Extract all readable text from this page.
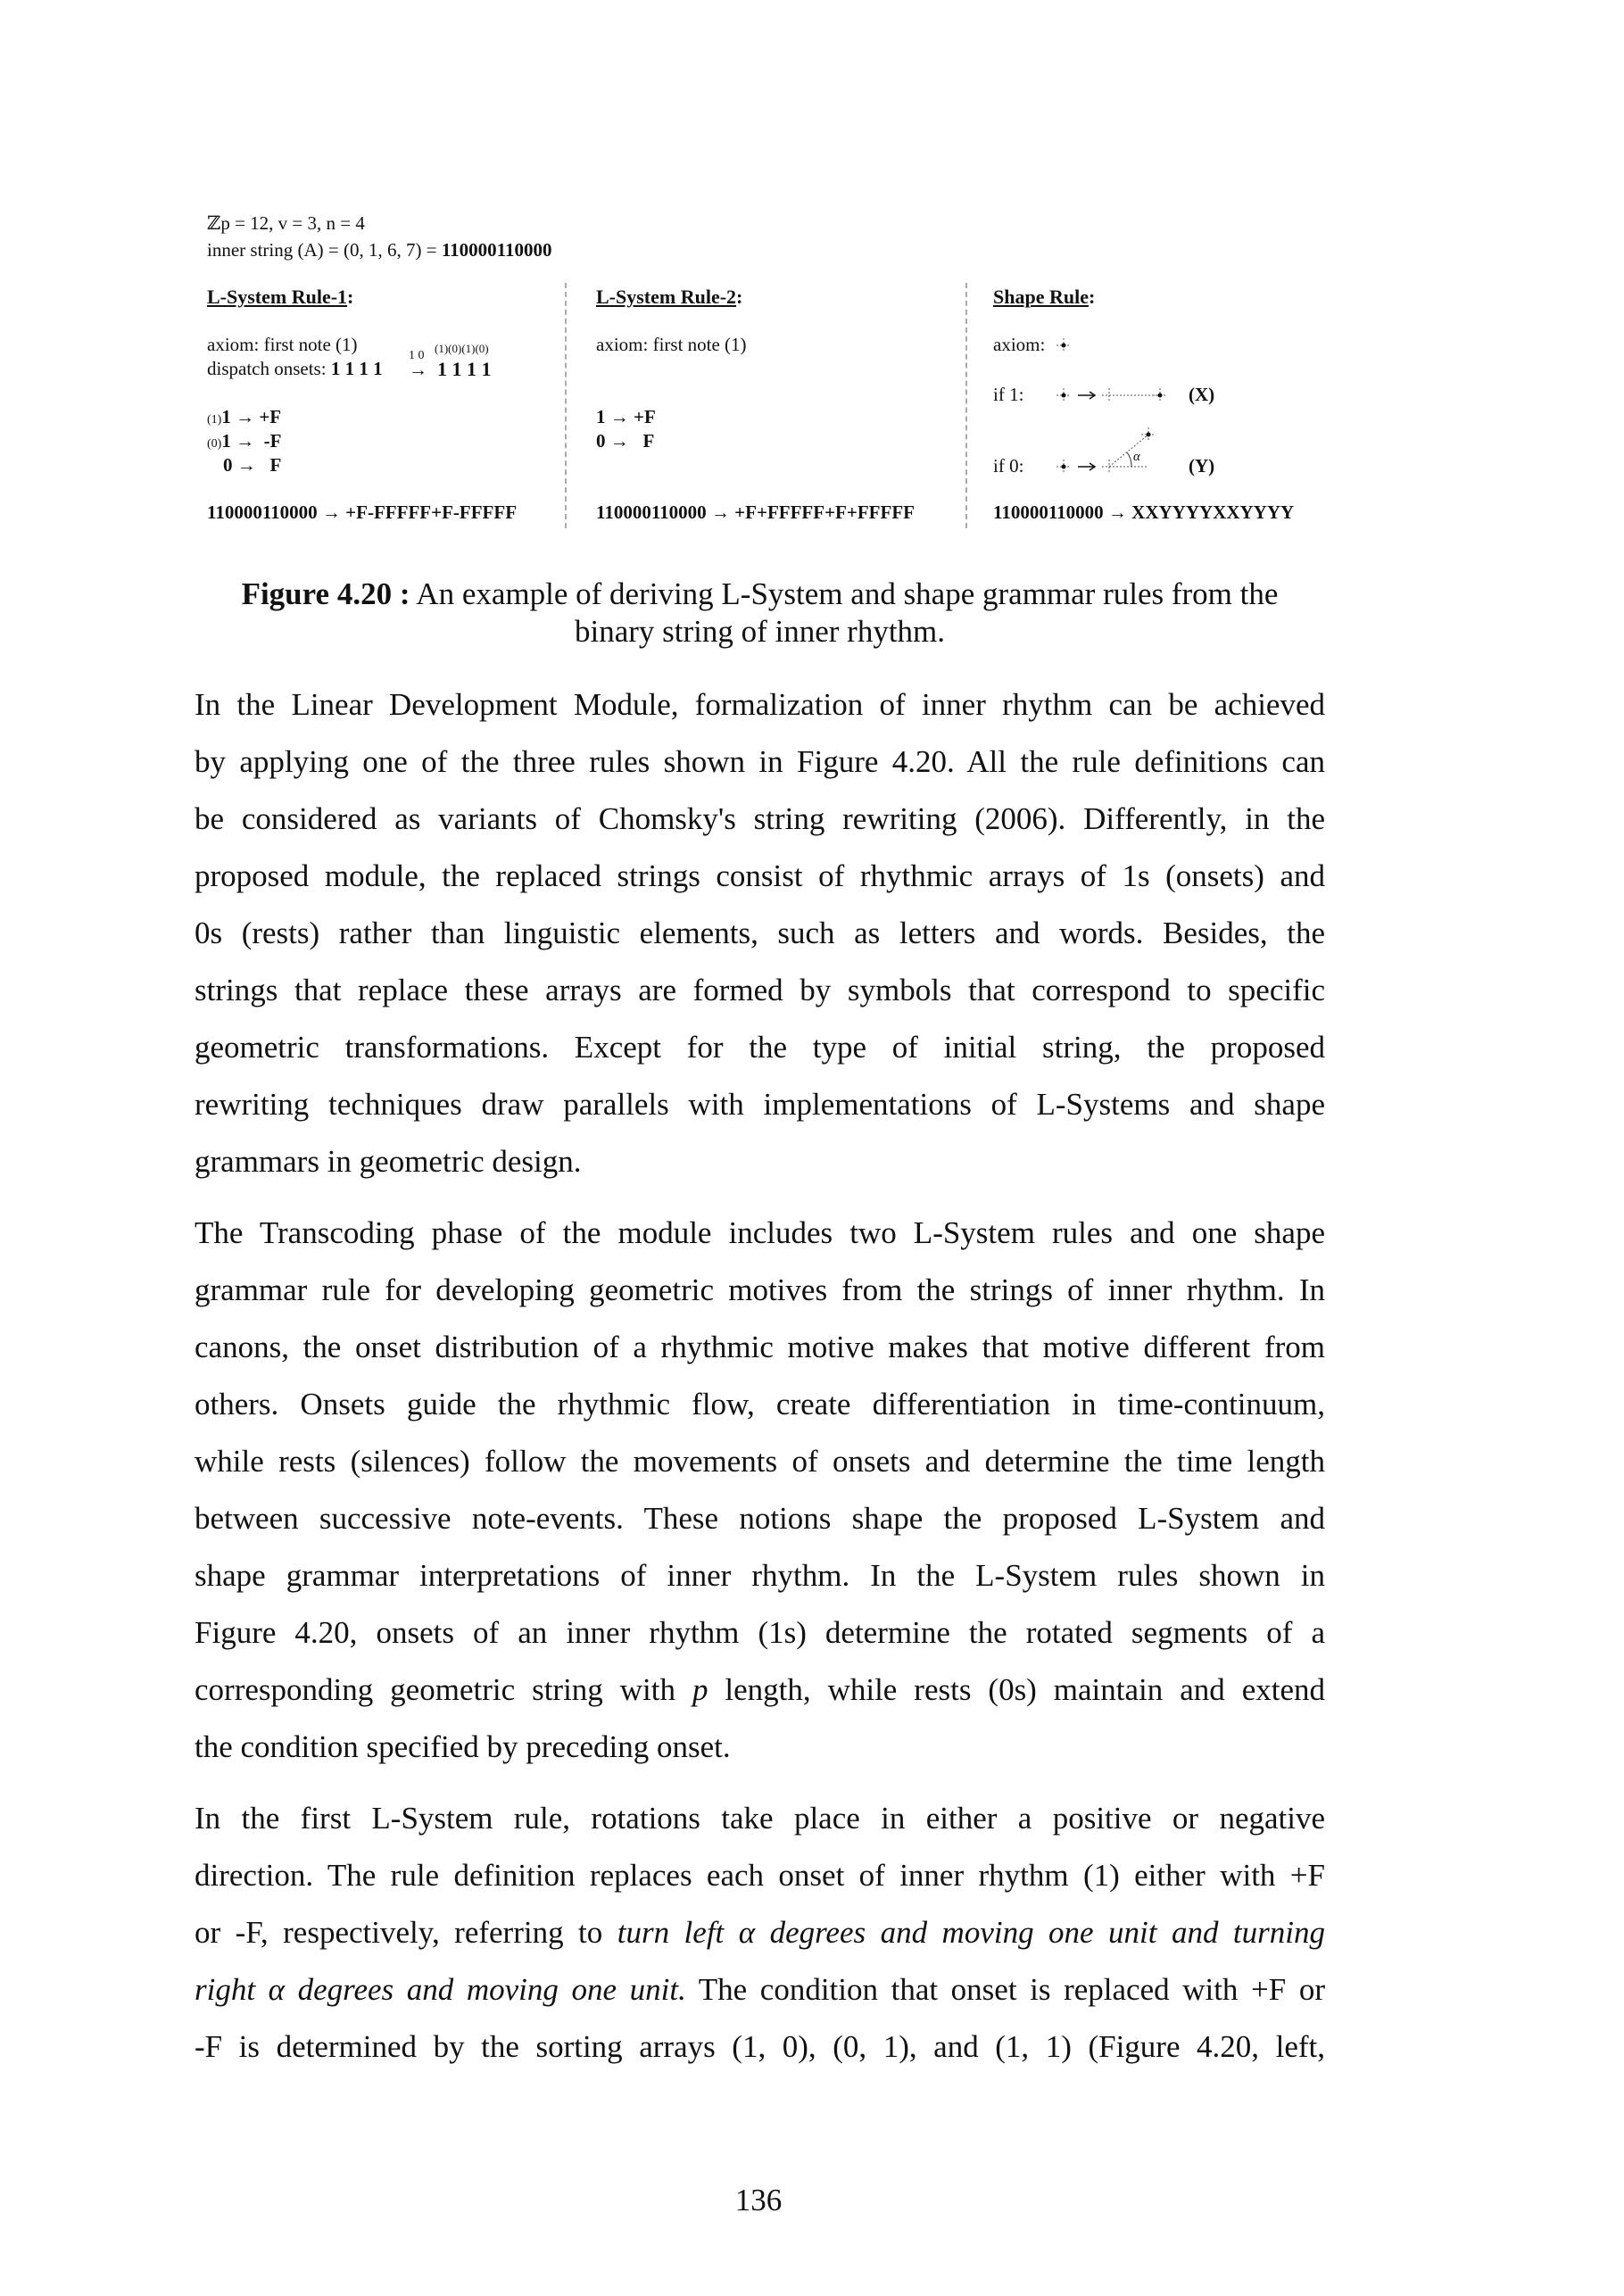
ℤp = 12, v = 3, n = 4
inner string (A) = (0, 1, 6, 7) = 110000110000
L-System Rule-1:
axiom: first note (1)
dispatch onsets: 1 1 1 1
1 0
→
(1)(0)(1)(0)
1 1 1 1
(1)1 → +F
(0)1 →  -F
0 →   F
110000110000 → +F-FFFFF+F-FFFFF
L-System Rule-2:
axiom: first note (1)
1 → +F
0 →   F
110000110000 → +F+FFFFF+F+FFFFF
Shape Rule:
axiom:
if 1:
if 0:
(X)
(Y)
α
110000110000 → XXYYYYXXYYYY
Figure 4.20 : An example of deriving L-System and shape grammar rules from the
binary string of inner rhythm.
In the Linear Development Module, formalization of inner rhythm can be achieved
by applying one of the three rules shown in Figure 4.20. All the rule definitions can
be considered as variants of Chomsky's string rewriting (2006). Differently, in the
proposed module, the replaced strings consist of rhythmic arrays of 1s (onsets) and
0s (rests) rather than linguistic elements, such as letters and words. Besides, the
strings that replace these arrays are formed by symbols that correspond to specific
geometric transformations. Except for the type of initial string, the proposed
rewriting techniques draw parallels with implementations of L-Systems and shape
grammars in geometric design.
The Transcoding phase of the module includes two L-System rules and one shape
grammar rule for developing geometric motives from the strings of inner rhythm. In
canons, the onset distribution of a rhythmic motive makes that motive different from
others. Onsets guide the rhythmic flow, create differentiation in time-continuum,
while rests (silences) follow the movements of onsets and determine the time length
between successive note-events. These notions shape the proposed L-System and
shape grammar interpretations of inner rhythm. In the L-System rules shown in
Figure 4.20, onsets of an inner rhythm (1s) determine the rotated segments of a
corresponding geometric string with p length, while rests (0s) maintain and extend
the condition specified by preceding onset.
In the first L-System rule, rotations take place in either a positive or negative
direction. The rule definition replaces each onset of inner rhythm (1) either with +F
or -F, respectively, referring to turn left α degrees and moving one unit and turning
right α degrees and moving one unit. The condition that onset is replaced with +F or
-F is determined by the sorting arrays (1, 0), (0, 1), and (1, 1) (Figure 4.20, left,
136
